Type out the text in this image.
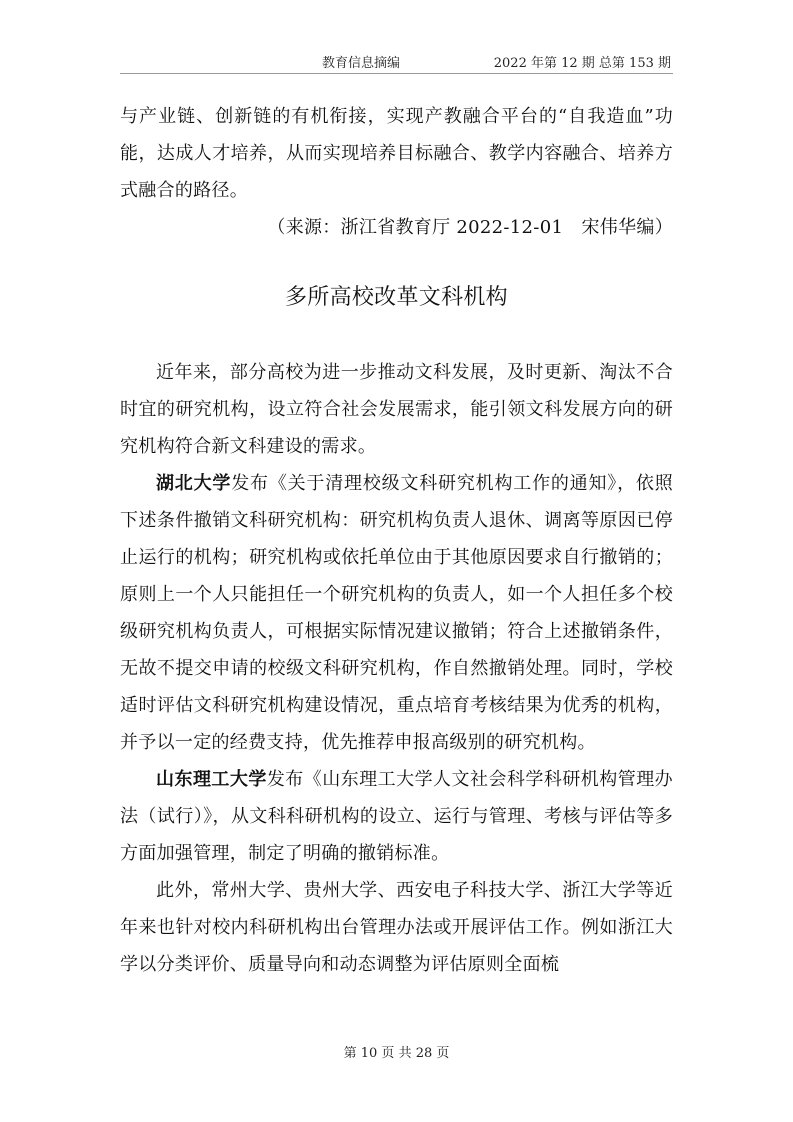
教育信息摘编	2022 年第 12 期 总第 153 期

与产业链、创新链的有机衔接，实现产教融合平台的“自我造血”功能，达成人才培养，从而实现培养目标融合、教学内容融合、培养方式融合的路径。

（来源：浙江省教育厅 2022-12-01　宋伟华编）

多所高校改革文科机构

近年来，部分高校为进一步推动文科发展，及时更新、淘汰不合时宜的研究机构，设立符合社会发展需求，能引领文科发展方向的研究机构符合新文科建设的需求。

湖北大学发布《关于清理校级文科研究机构工作的通知》，依照下述条件撤销文科研究机构：研究机构负责人退休、调离等原因已停止运行的机构；研究机构或依托单位由于其他原因要求自行撤销的；原则上一个人只能担任一个研究机构的负责人，如一个人担任多个校级研究机构负责人，可根据实际情况建议撤销；符合上述撤销条件，无故不提交申请的校级文科研究机构，作自然撤销处理。同时，学校适时评估文科研究机构建设情况，重点培育考核结果为优秀的机构，并予以一定的经费支持，优先推荐申报高级别的研究机构。

山东理工大学发布《山东理工大学人文社会科学科研机构管理办法（试行）》，从文科科研机构的设立、运行与管理、考核与评估等多方面加强管理，制定了明确的撤销标准。

此外，常州大学、贵州大学、西安电子科技大学、浙江大学等近年来也针对校内科研机构出台管理办法或开展评估工作。例如浙江大学以分类评价、质量导向和动态调整为评估原则全面梳

第 10 页 共 28 页
